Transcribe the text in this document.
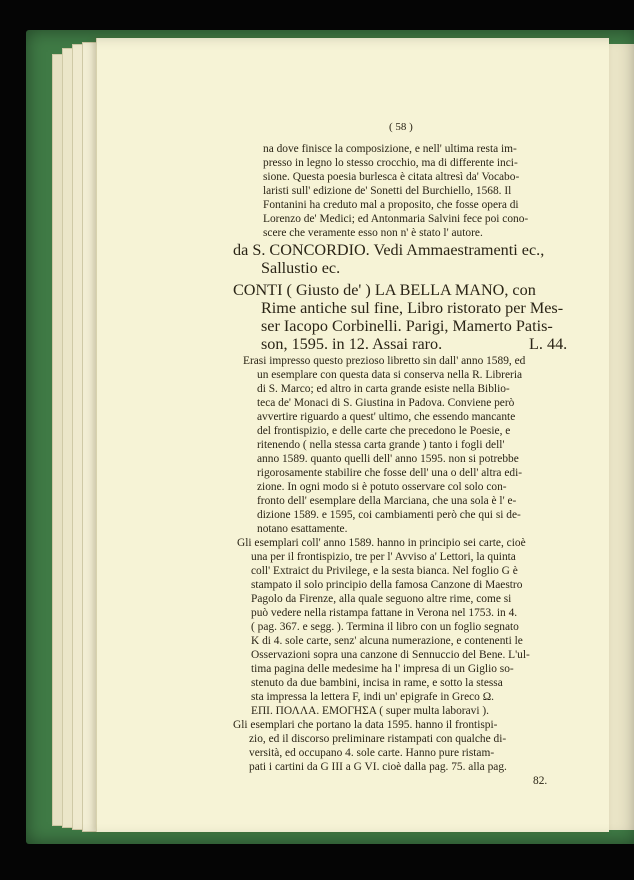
( 58 )
na dove finisce la composizione, e nell' ultima resta im-
presso in legno lo stesso crocchio, ma di differente inci-
sione. Questa poesia burlesca è citata altresì da' Vocabo-
laristi sull' edizione de' Sonetti del Burchiello, 1568. Il
Fontanini ha creduto mal a proposito, che fosse opera di
Lorenzo de' Medici; ed Antonmaria Salvini fece poi cono-
scere che veramente esso non n' è stato l' autore.
da S. CONCORDIO. Vedi Ammaestramenti ec.,
Sallustio ec.
CONTI ( Giusto de' ) LA BELLA MANO, con
Rime antiche sul fine, Libro ristorato per Mes-
ser Iacopo Corbinelli. Parigi, Mamerto Patis-
son, 1595. in 12. Assai raro.	L. 44.
Erasi impresso questo prezioso libretto sin dall' anno 1589, ed
un esemplare con questa data si conserva nella R. Libreria
di S. Marco; ed altro in carta grande esiste nella Biblio-
teca de' Monaci di S. Giustina in Padova. Conviene però
avvertire riguardo a quest' ultimo, che essendo mancante
del frontispizio, e delle carte che precedono le Poesie, e
ritenendo ( nella stessa carta grande ) tanto i fogli dell'
anno 1589. quanto quelli dell' anno 1595. non si potrebbe
rigorosamente stabilire che fosse dell' una o dell' altra edi-
zione. In ogni modo si è potuto osservare col solo con-
fronto dell' esemplare della Marciana, che una sola è l' e-
dizione 1589. e 1595, coi cambiamenti però che qui si de-
notano esattamente.
Gli esemplari coll' anno 1589. hanno in principio sei carte, cioè
una per il frontispizio, tre per l' Avviso a' Lettori, la quinta
coll' Extraict du Privilege, e la sesta bianca. Nel foglio G è
stampato il solo principio della famosa Canzone di Maestro
Pagolo da Firenze, alla quale seguono altre rime, come si
può vedere nella ristampa fattane in Verona nel 1753. in 4.
( pag. 367. e segg. ). Termina il libro con un foglio segnato
K di 4. sole carte, senz' alcuna numerazione, e contenenti le
Osservazioni sopra una canzone di Sennuccio del Bene. L'ul-
tima pagina delle medesime ha l' impresa di un Giglio so-
stenuto da due bambini, incisa in rame, e sotto la stessa
sta impressa la lettera F, indi un' epigrafe in Greco Ω.
ΕΠΙ. ΠΟΛΛΑ. ΕΜΟΓΗΣΑ ( super multa laboravi ).
Gli esemplari che portano la data 1595. hanno il frontispi-
zio, ed il discorso preliminare ristampati con qualche di-
versità, ed occupano 4. sole carte. Hanno pure ristam-
pati i cartini da G III a G VI. cioè dalla pag. 75. alla pag.
82.
